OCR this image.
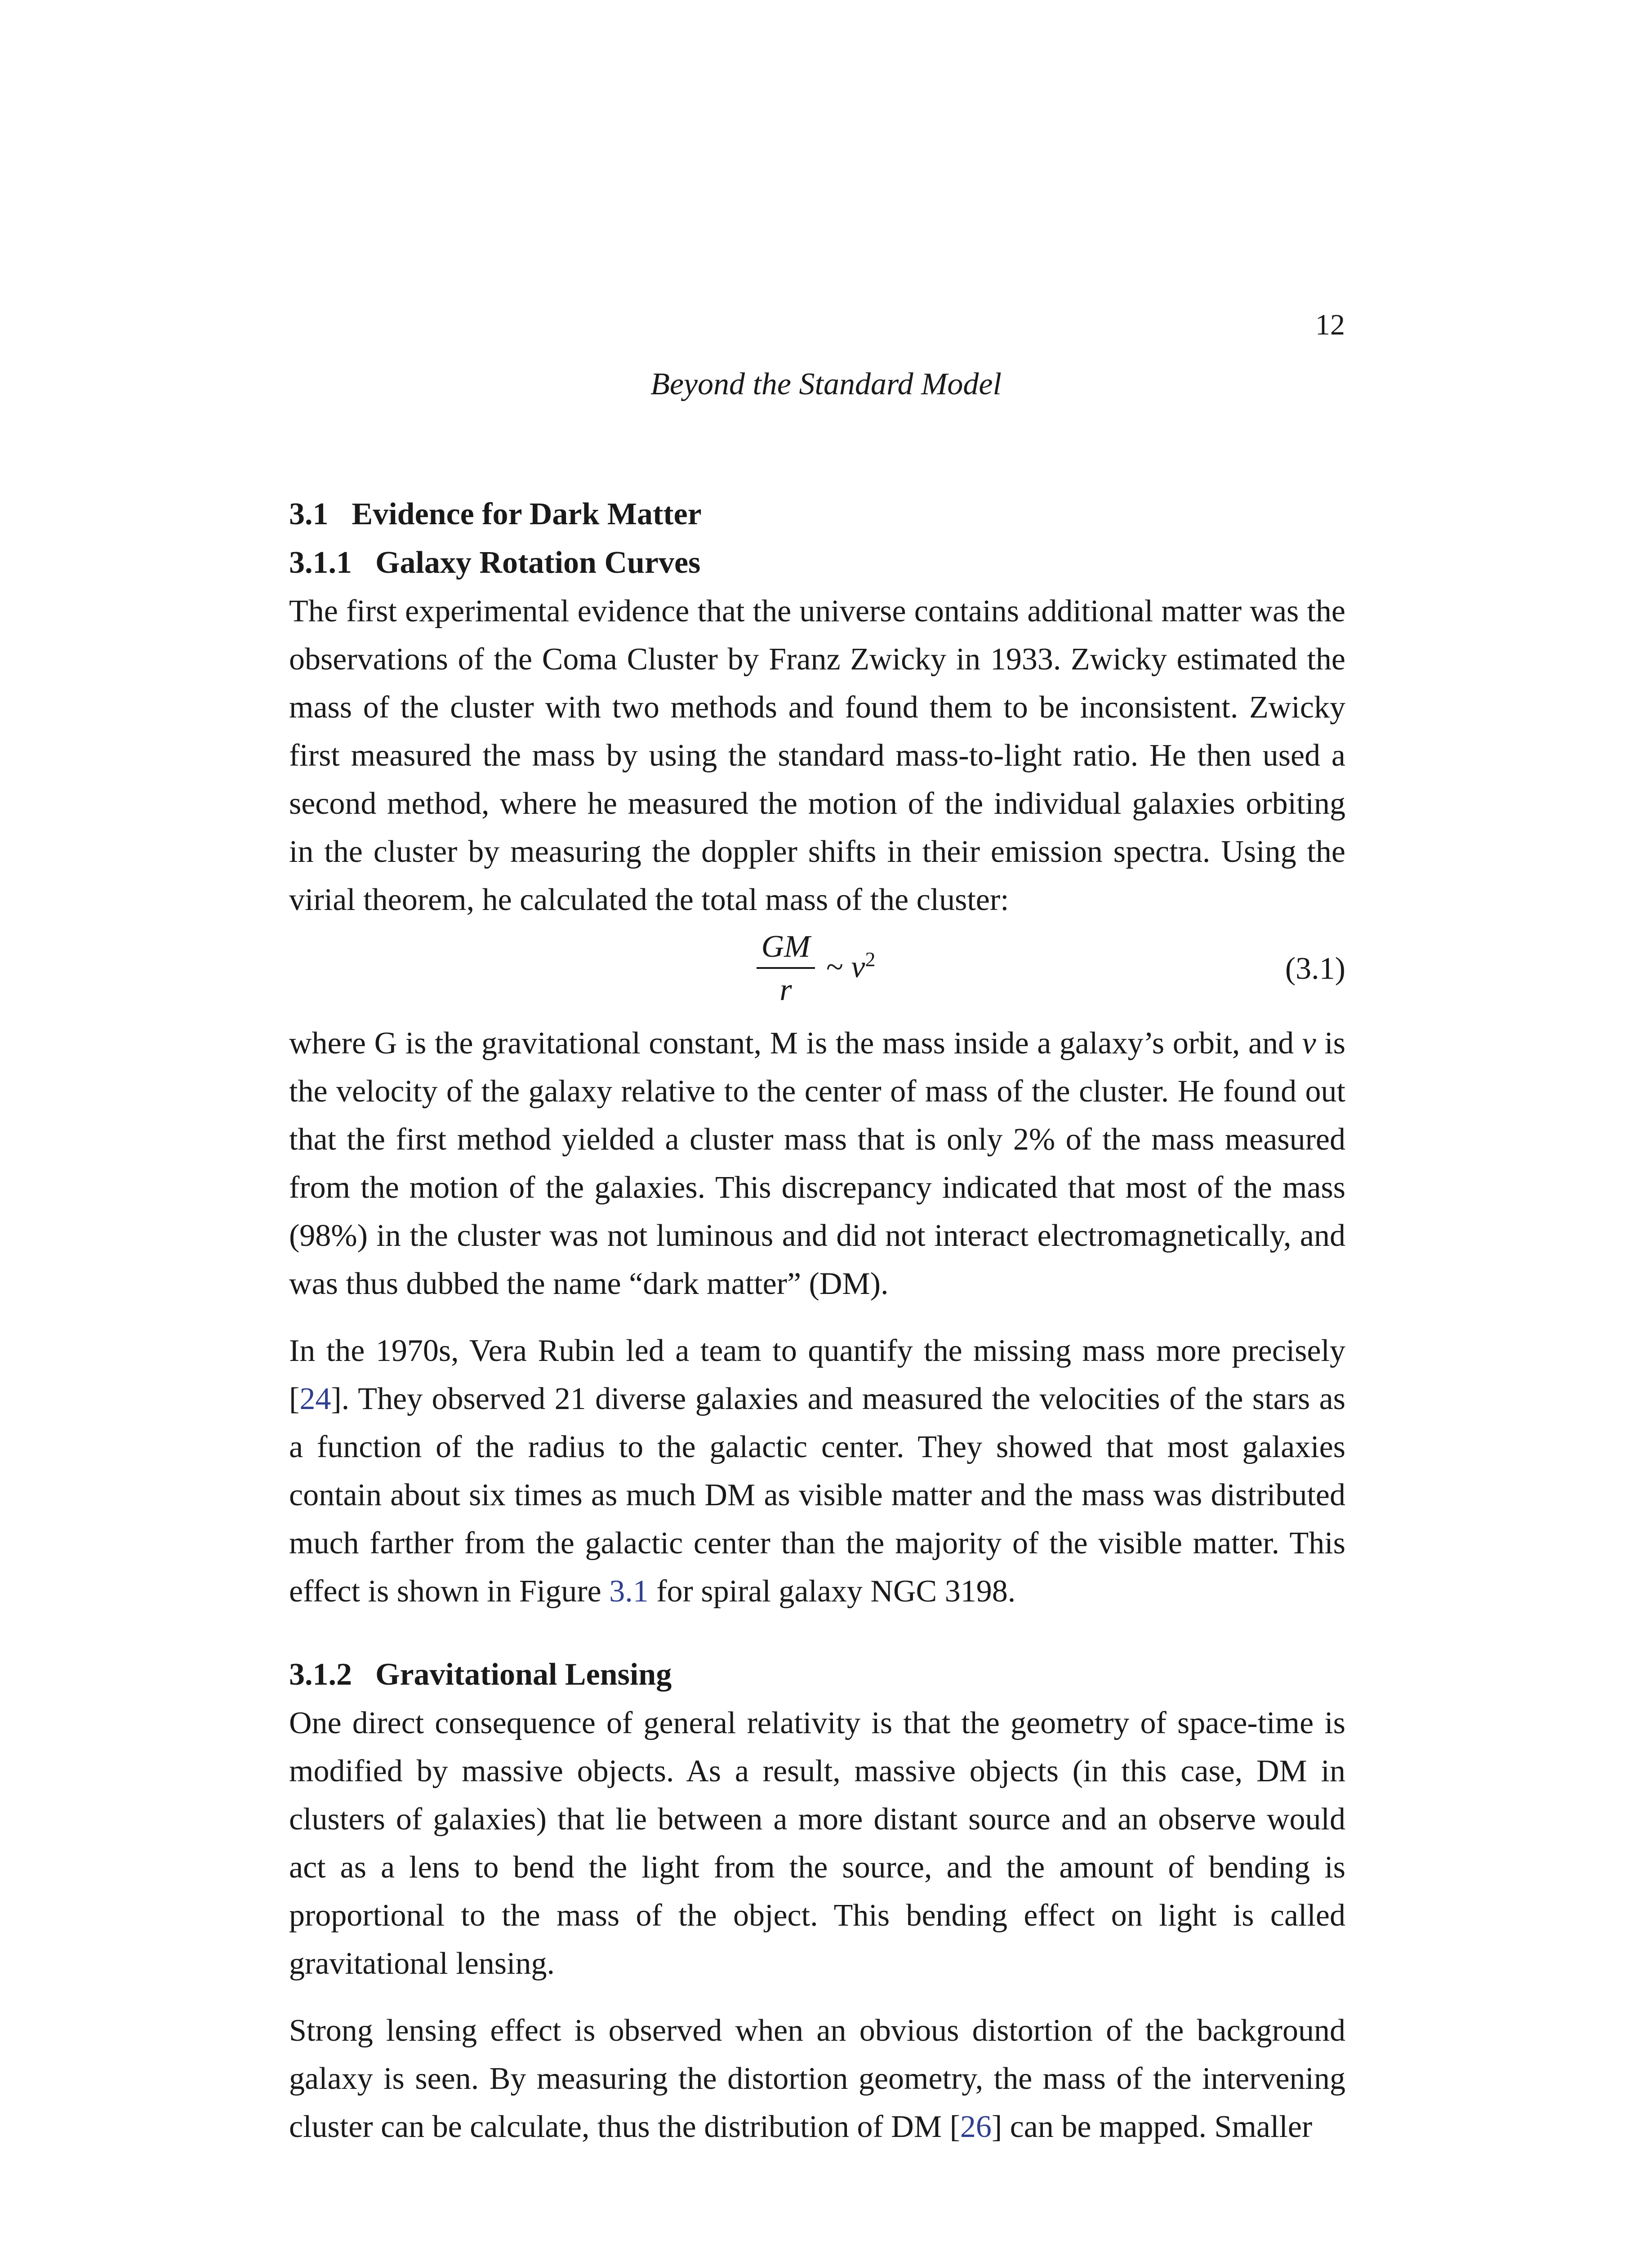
12
Beyond the Standard Model
3.1 Evidence for Dark Matter
3.1.1 Galaxy Rotation Curves

The first experimental evidence that the universe contains additional matter was the observations of the Coma Cluster by Franz Zwicky in 1933. Zwicky estimated the mass of the cluster with two methods and found them to be inconsistent. Zwicky first measured the mass by using the standard mass-to-light ratio. He then used a second method, where he measured the motion of the individual galaxies orbiting in the cluster by measuring the doppler shifts in their emission spectra. Using the virial theorem, he calculated the total mass of the cluster:

GM
r
~ $v^2$	(3.1)

where G is the gravitational constant, M is the mass inside a galaxy’s orbit, and v is the velocity of the galaxy relative to the center of mass of the cluster. He found out that the first method yielded a cluster mass that is only 2% of the mass measured from the motion of the galaxies. This discrepancy indicated that most of the mass (98%) in the cluster was not luminous and did not interact electromagnetically, and was thus dubbed the name “dark matter” (DM).

In the 1970s, Vera Rubin led a team to quantify the missing mass more precisely [24]. They observed 21 diverse galaxies and measured the velocities of the stars as a function of the radius to the galactic center. They showed that most galaxies contain about six times as much DM as visible matter and the mass was distributed much farther from the galactic center than the majority of the visible matter. This effect is shown in Figure 3.1 for spiral galaxy NGC 3198.

3.1.2 Gravitational Lensing

One direct consequence of general relativity is that the geometry of space-time is modified by massive objects. As a result, massive objects (in this case, DM in clusters of galaxies) that lie between a more distant source and an observe would act as a lens to bend the light from the source, and the amount of bending is proportional to the mass of the object. This bending effect on light is called gravitational lensing.

Strong lensing effect is observed when an obvious distortion of the background galaxy is seen. By measuring the distortion geometry, the mass of the intervening cluster can be calculate, thus the distribution of DM [26] can be mapped. Smaller
